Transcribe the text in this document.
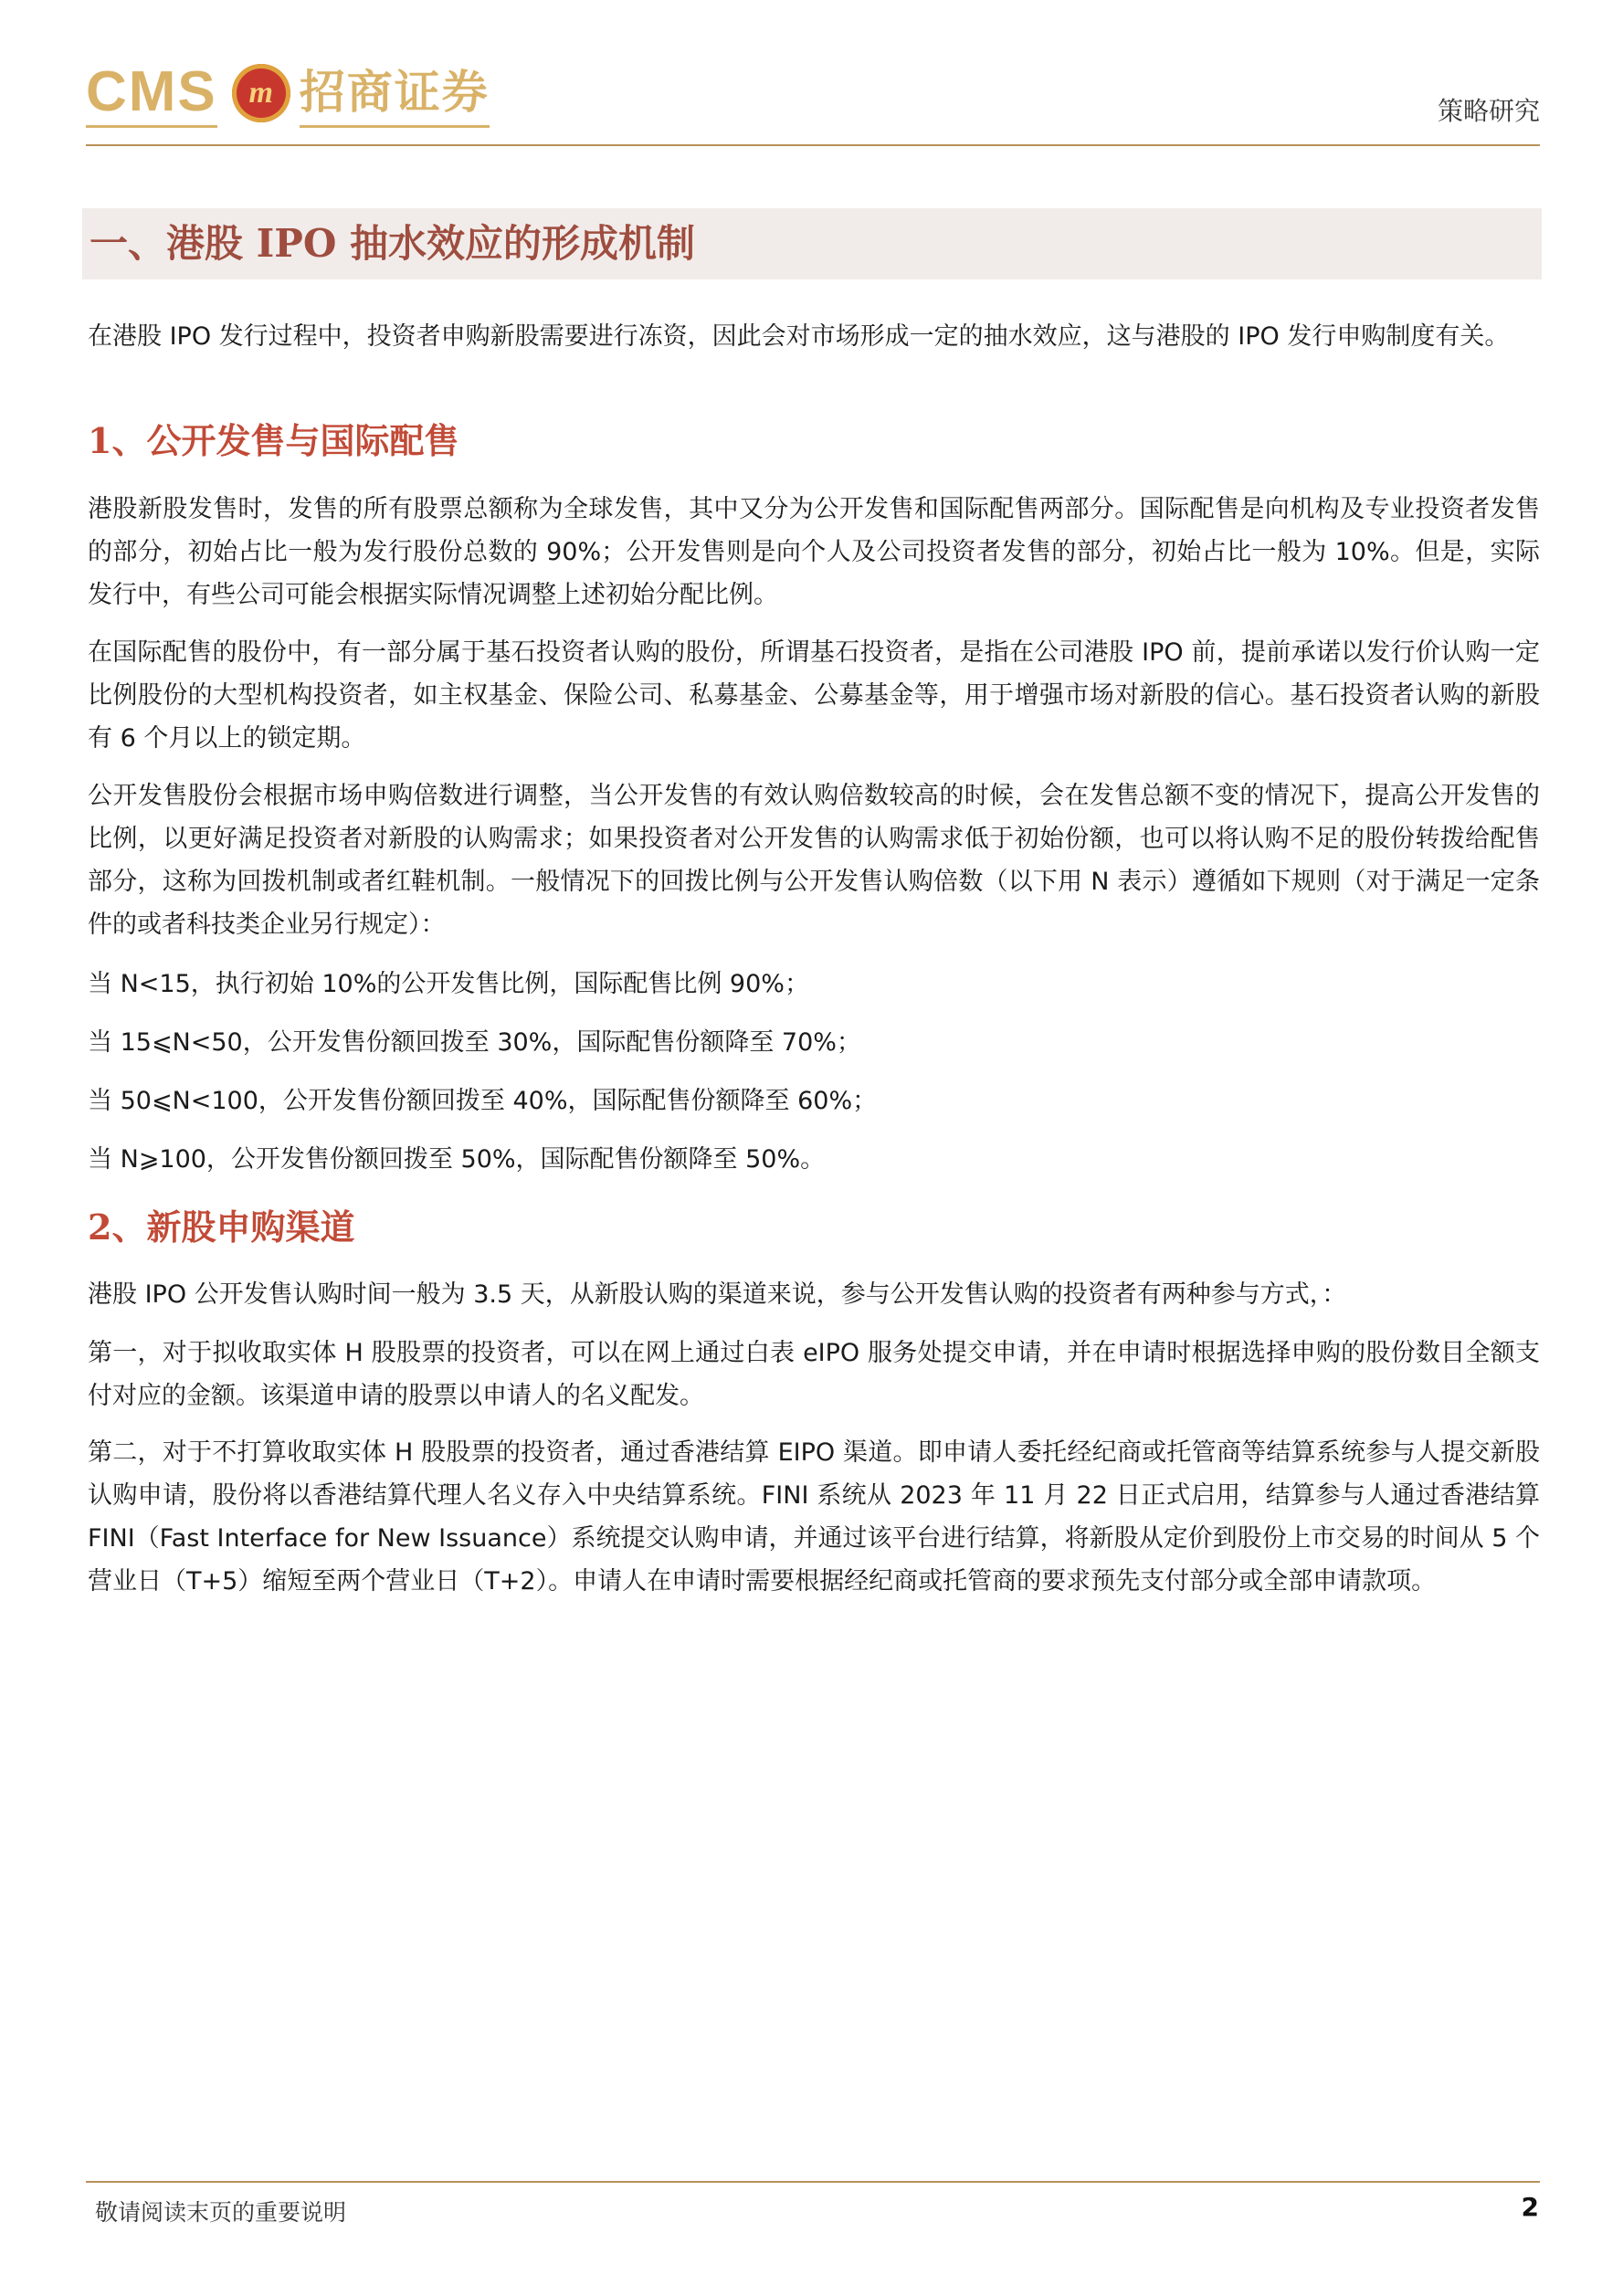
CMS	m 招商证券	策略研究
一、港股 IPO 抽水效应的形成机制

在港股 IPO 发行过程中，投资者申购新股需要进行冻资，因此会对市场形成一定的抽水效应，这与港股的 IPO 发行申购制度有关。

1、公开发售与国际配售

港股新股发售时，发售的所有股票总额称为全球发售，其中又分为公开发售和国际配售两部分。国际配售是向机构及专业投资者发售的部分，初始占比一般为发行股份总数的 90%；公开发售则是向个人及公司投资者发售的部分，初始占比一般为 10%。但是，实际发行中，有些公司可能会根据实际情况调整上述初始分配比例。

在国际配售的股份中，有一部分属于基石投资者认购的股份，所谓基石投资者，是指在公司港股 IPO 前，提前承诺以发行价认购一定比例股份的大型机构投资者，如主权基金、保险公司、私募基金、公募基金等，用于增强市场对新股的信心。基石投资者认购的新股有 6 个月以上的锁定期。

公开发售股份会根据市场申购倍数进行调整，当公开发售的有效认购倍数较高的时候，会在发售总额不变的情况下，提高公开发售的比例，以更好满足投资者对新股的认购需求；如果投资者对公开发售的认购需求低于初始份额，也可以将认购不足的股份转拨给配售部分，这称为回拨机制或者红鞋机制。一般情况下的回拨比例与公开发售认购倍数（以下用 N 表示）遵循如下规则（对于满足一定条件的或者科技类企业另行规定）：

当 N<15，执行初始 10%的公开发售比例，国际配售比例 90%；

当 15⩽N<50，公开发售份额回拨至 30%，国际配售份额降至 70%；

当 50⩽N<100，公开发售份额回拨至 40%，国际配售份额降至 60%；

当 N⩾100，公开发售份额回拨至 50%，国际配售份额降至 50%。

2、新股申购渠道

港股 IPO 公开发售认购时间一般为 3.5 天，从新股认购的渠道来说，参与公开发售认购的投资者有两种参与方式，：

第一，对于拟收取实体 H 股股票的投资者，可以在网上通过白表 eIPO 服务处提交申请，并在申请时根据选择申购的股份数目全额支付对应的金额。该渠道申请的股票以申请人的名义配发。

第二，对于不打算收取实体 H 股股票的投资者，通过香港结算 EIPO 渠道。即申请人委托经纪商或托管商等结算系统参与人提交新股认购申请，股份将以香港结算代理人名义存入中央结算系统。FINI 系统从 2023 年 11 月 22 日正式启用，结算参与人通过香港结算 FINI（Fast Interface for New Issuance）系统提交认购申请，并通过该平台进行结算，将新股从定价到股份上市交易的时间从 5 个营业日（T+5）缩短至两个营业日（T+2）。申请人在申请时需要根据经纪商或托管商的要求预先支付部分或全部申请款项。

敬请阅读末页的重要说明	2
